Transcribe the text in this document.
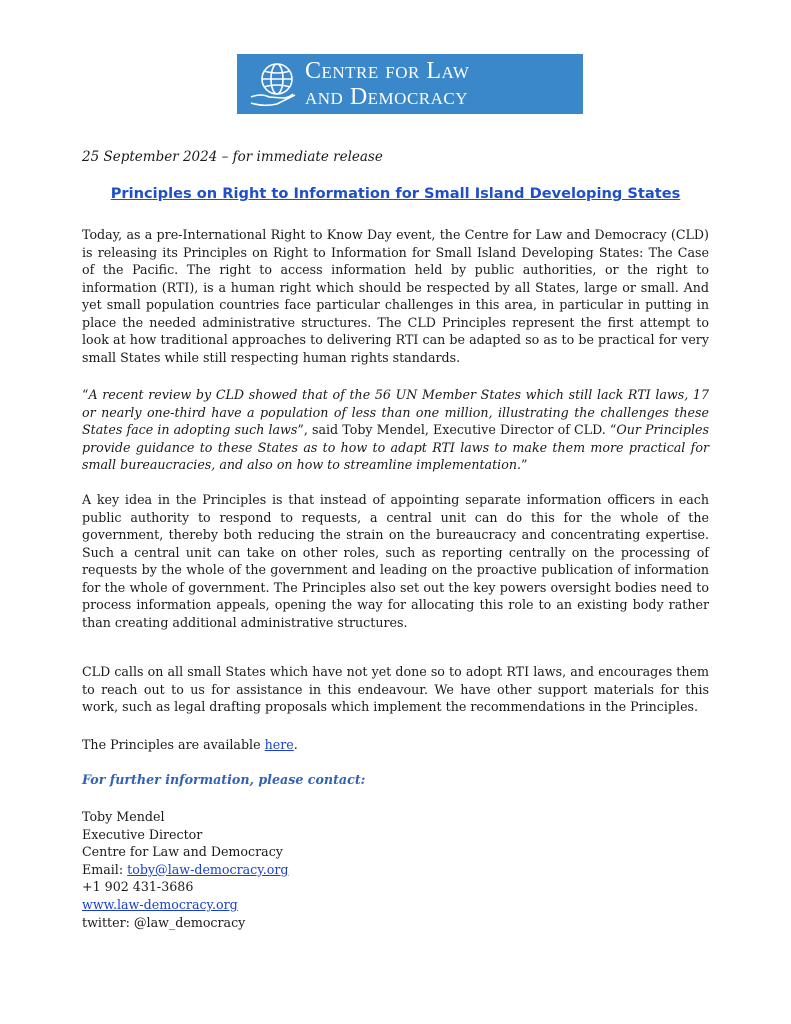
Centre for Law
and Democracy
25 September 2024 – for immediate release
Principles on Right to Information for Small Island Developing States

Today, as a pre-International Right to Know Day event, the Centre for Law and Democracy (CLD) is releasing its Principles on Right to Information for Small Island Developing States: The Case of the Pacific. The right to access information held by public authorities, or the right to information (RTI), is a human right which should be respected by all States, large or small. And yet small population countries face particular challenges in this area, in particular in putting in place the needed administrative structures. The CLD Principles represent the first attempt to look at how traditional approaches to delivering RTI can be adapted so as to be practical for very small States while still respecting human rights standards.

“A recent review by CLD showed that of the 56 UN Member States which still lack RTI laws, 17 or nearly one-third have a population of less than one million, illustrating the challenges these States face in adopting such laws”, said Toby Mendel, Executive Director of CLD. “Our Principles provide guidance to these States as to how to adapt RTI laws to make them more practical for small bureaucracies, and also on how to streamline implementation.”

A key idea in the Principles is that instead of appointing separate information officers in each public authority to respond to requests, a central unit can do this for the whole of the government, thereby both reducing the strain on the bureaucracy and concentrating expertise. Such a central unit can take on other roles, such as reporting centrally on the processing of requests by the whole of the government and leading on the proactive publication of information for the whole of government. The Principles also set out the key powers oversight bodies need to process information appeals, opening the way for allocating this role to an existing body rather than creating additional administrative structures.

CLD calls on all small States which have not yet done so to adopt RTI laws, and encourages them to reach out to us for assistance in this endeavour. We have other support materials for this work, such as legal drafting proposals which implement the recommendations in the Principles.

The Principles are available here.

For further information, please contact:

Toby Mendel
Executive Director
Centre for Law and Democracy
Email: toby@law-democracy.org
+1 902 431-3686
www.law-democracy.org
twitter: @law_democracy
